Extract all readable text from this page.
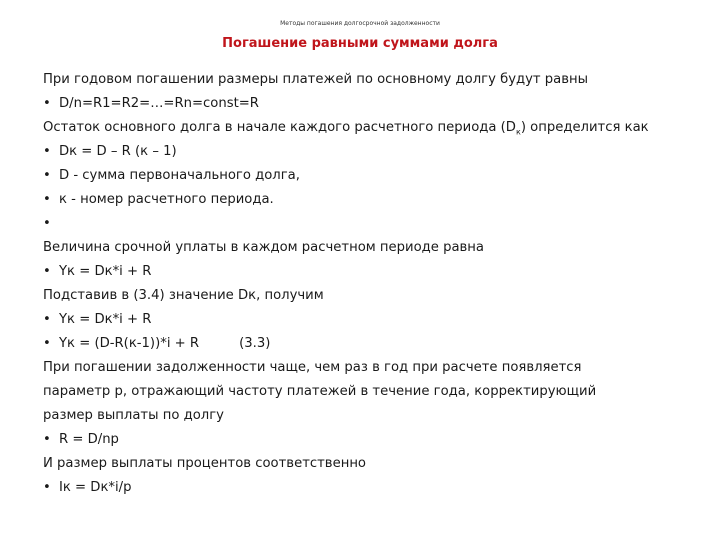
Методы погашения долгосрочной задолженности
Погашение равными суммами долга
При годовом погашении размеры платежей по основному долгу будут равны
• D/n=R1=R2=…=Rn=const=R
Остаток основного долга в начале каждого расчетного периода $(D_к)$ определится как
• Dк = D – R (к – 1)
• D - сумма первоначального долга,
• к - номер расчетного периода.
•
Величина срочной уплаты в каждом расчетном периоде равна
• Yк = Dк*i + R
Подставив в (3.4) значение Dк, получим
• Yк = Dк*i + R
• Yк = (D-R(к-1))*i + R	(3.3)
При погашении задолженности чаще, чем раз в год при расчете появляется
параметр p, отражающий частоту платежей в течение года, корректирующий
размер выплаты по долгу
• R = D/np
И размер выплаты процентов соответственно
• Iк = Dк*i/p
